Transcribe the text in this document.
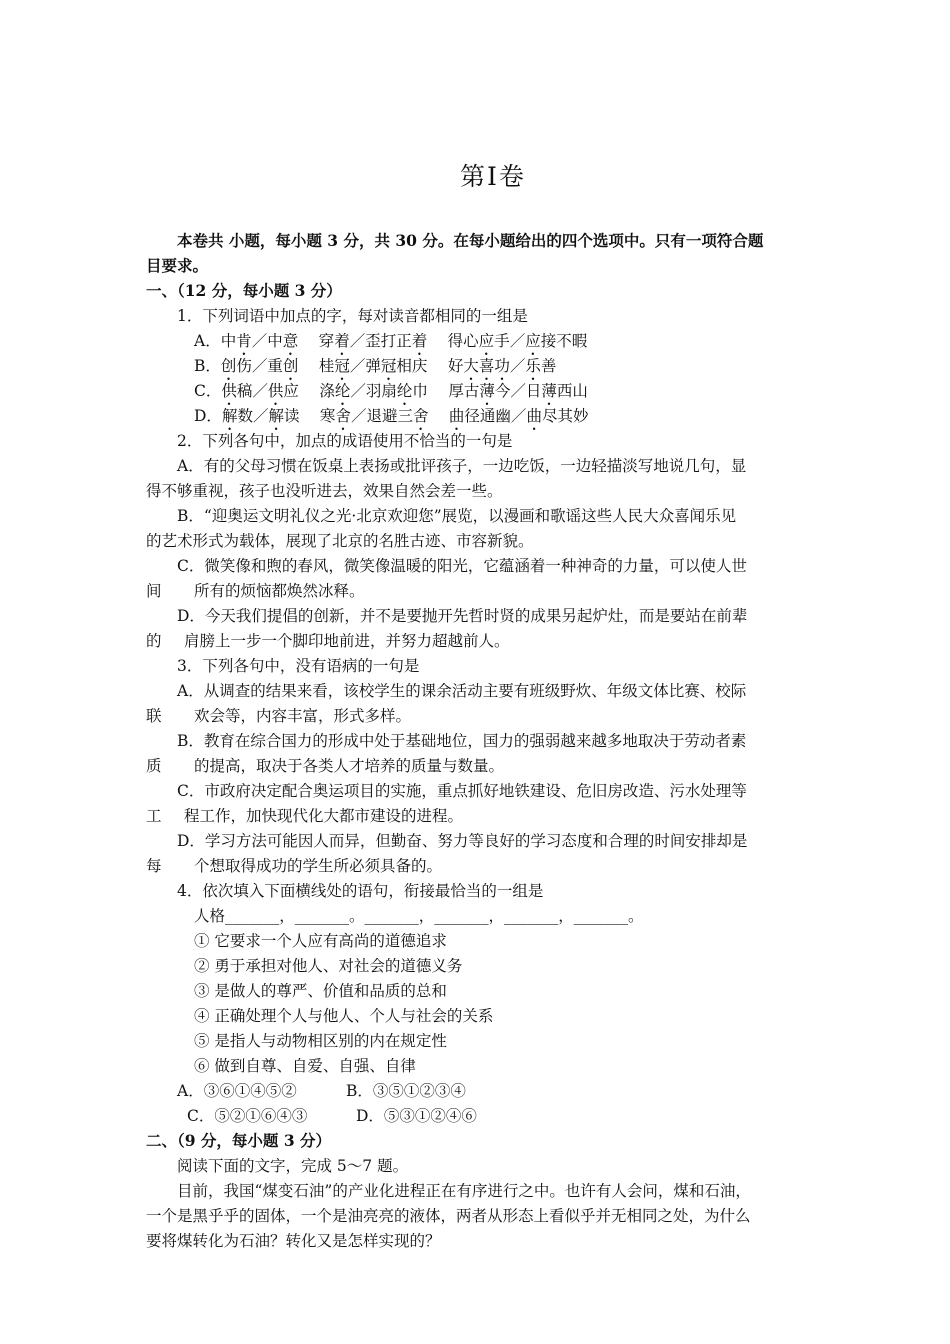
第Ⅰ卷
本卷共 小题，每小题 3 分，共 30 分。在每小题给出的四个选项中。只有一项符合题
目要求。
一、（12 分，每小题 3 分）
1．下列词语中加点的字，每对读音都相同的一组是
A．中肯／中意　 穿着／歪打正着　 得心应手／应接不暇
B．创伤／重创　 桂冠／弹冠相庆　 好大喜功／乐善
C．供稿／供应　 涤纶／羽扇纶巾　 厚古薄今／日薄西山
D．解数／解读　 寒舍／退避三舍　 曲径通幽／曲尽其妙
2．下列各句中，加点的成语使用不恰当的一句是
A．有的父母习惯在饭桌上表扬或批评孩子，一边吃饭，一边轻描淡写地说几句，显
得不够重视，孩子也没听进去，效果自然会差一些。
B．“迎奥运文明礼仪之光·北京欢迎您”展览，以漫画和歌谣这些人民大众喜闻乐见
的艺术形式为载体，展现了北京的名胜古迹、市容新貌。
C．微笑像和煦的春风，微笑像温暖的阳光，它蕴涵着一种神奇的力量，可以使人世
间 所有的烦恼都焕然冰释。
D．今天我们提倡的创新，并不是要抛开先哲时贤的成果另起炉灶，而是要站在前辈
的 肩膀上一步一个脚印地前进，并努力超越前人。
3．下列各句中，没有语病的一句是
A．从调查的结果来看，该校学生的课余活动主要有班级野炊、年级文体比赛、校际
联 欢会等，内容丰富，形式多样。
B．教育在综合国力的形成中处于基础地位，国力的强弱越来越多地取决于劳动者素
质 的提高，取决于各类人才培养的质量与数量。
C．市政府决定配合奥运项目的实施，重点抓好地铁建设、危旧房改造、污水处理等
工 程工作，加快现代化大都市建设的进程。
D．学习方法可能因人而异，但勤奋、努力等良好的学习态度和合理的时间安排却是
每 个想取得成功的学生所必须具备的。
4．依次填入下面横线处的语句，衔接最恰当的一组是
人格_______，_______。_______，_______，_______，_______。
① 它要求一个人应有高尚的道德追求
② 勇于承担对他人、对社会的道德义务
③ 是做人的尊严、价值和品质的总和
④ 正确处理个人与他人、个人与社会的关系
⑤ 是指人与动物相区别的内在规定性
⑥ 做到自尊、自爱、自强、自律
A．③⑥①④⑤②	B．③⑤①②③④
C．⑤②①⑥④③	D．⑤③①②④⑥
二、（9 分，每小题 3 分）
阅读下面的文字，完成 5～7 题。
目前，我国“煤变石油”的产业化进程正在有序进行之中。也许有人会问，煤和石油，
一个是黑乎乎的固体，一个是油亮亮的液体，两者从形态上看似乎并无相同之处，为什么
要将煤转化为石油？转化又是怎样实现的？
